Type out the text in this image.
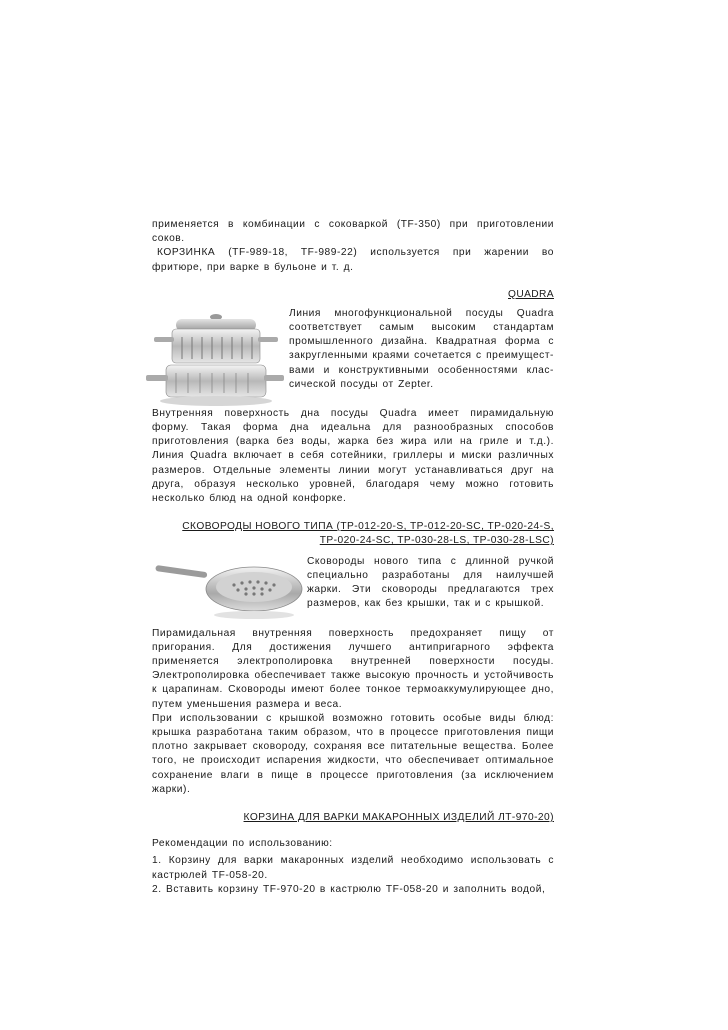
применяется в комбинации с соковаркой (TF-350) при приготовлении соков.

КОРЗИНКА (TF-989-18, TF-989-22) используется при жарении во фритюре, при варке в бульоне и т. д.

QUADRA

Линия многофункциональной посуды Quadra соответствует самым высоким стандартам промышленного дизайна. Квадратная форма с закругленными краями сочетается с преимущест-вами и конструктивными особенностями клас-сической посуды от Zepter.

Внутренняя поверхность дна посуды Quadra имеет пирамидальную форму. Такая форма дна идеальна для разнообразных способов приготовления (варка без воды, жарка без жира или на гриле и т.д.). Линия Quadra включает в себя сотейники, гриллеры и миски различных размеров. Отдельные элементы линии могут устанавливаться друг на друга, образуя несколько уровней, благодаря чему можно готовить несколько блюд на одной конфорке.

СКОВОРОДЫ НОВОГО ТИПА (TP-012-20-S, TP-012-20-SC, TP-020-24-S,

TP-020-24-SC, TP-030-28-LS, TP-030-28-LSC)

Сковороды нового типа с длинной ручкой специально разработаны для наилучшей жарки. Эти сковороды предлагаются трех размеров, как без крышки, так и с крышкой.

Пирамидальная внутренняя поверхность предохраняет пищу от пригорания. Для достижения лучшего антипригарного эффекта применяется электрополировка внутренней поверхности посуды. Электрополировка обеспечивает также высокую прочность и устойчивость к царапинам. Сковороды имеют более тонкое термоаккумулирующее дно, путем уменьшения размера и веса.

При использовании с крышкой возможно готовить особые виды блюд: крышка разработана таким образом, что в процессе приготовления пищи плотно закрывает сковороду, сохраняя все питательные вещества. Более того, не происходит испарения жидкости, что обеспечивает оптимальное сохранение влаги в пище в процессе приготовления (за исключением жарки).

КОРЗИНА ДЛЯ ВАРКИ МАКАРОННЫХ ИЗДЕЛИЙ ЛТ-970-20)

Рекомендации по использованию:

1. Корзину для варки макаронных изделий необходимо использовать с кастрюлей TF-058-20.

2. Вставить корзину TF-970-20 в кастрюлю TF-058-20 и заполнить водой,
